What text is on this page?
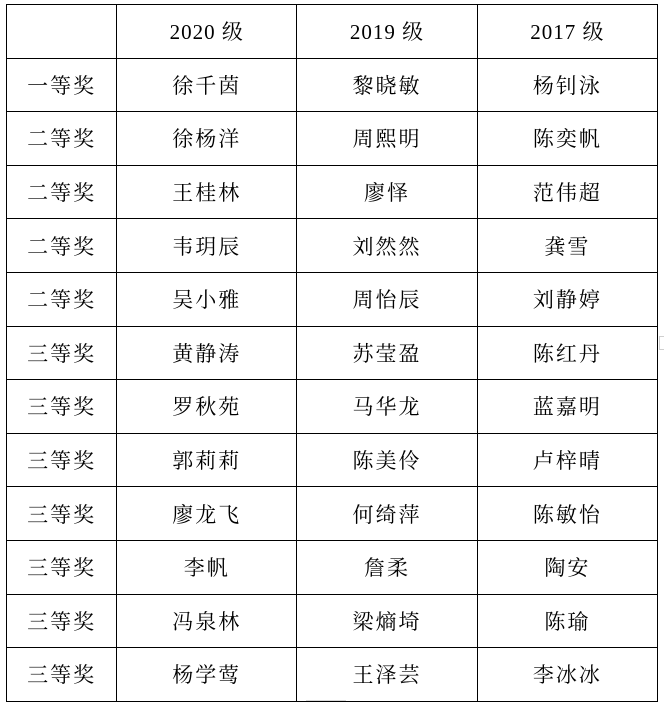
	2020 级	2019 级	2017 级
一等奖	徐千茵	黎晓敏	杨钊泳
二等奖	徐杨洋	周熙明	陈奕帆
二等奖	王桂林	廖怿	范伟超
二等奖	韦玥辰	刘然然	龚雪
二等奖	吴小雅	周怡辰	刘静婷
三等奖	黄静涛	苏莹盈	陈红丹
三等奖	罗秋苑	马华龙	蓝嘉明
三等奖	郭莉莉	陈美伶	卢梓晴
三等奖	廖龙飞	何绮萍	陈敏怡
三等奖	李帆	詹柔	陶安
三等奖	冯泉林	梁熵埼	陈瑜
三等奖	杨学莺	王泽芸	李冰冰
